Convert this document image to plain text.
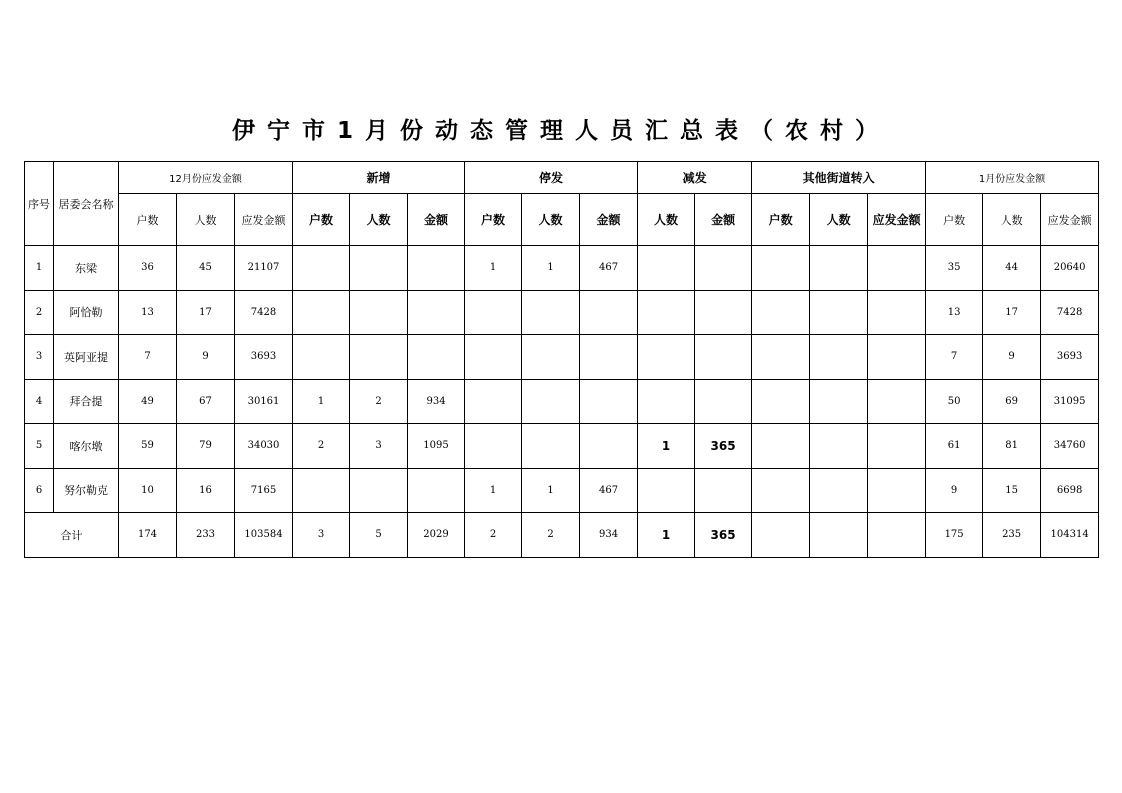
伊宁市1月份动态管理人员汇总表（农村）
序号	居委会名称	12月份应发金额			新增			停发			减发		其他街道转入			1月份应发金额		
		户数	人数	应发金额	户数	人数	金额	户数	人数	金额	人数	金额	户数	人数	应发金额	户数	人数	应发金额
1	东梁	36	45	21107				1	1	467						35	44	20640
2	阿恰勒	13	17	7428												13	17	7428
3	英阿亚提	7	9	3693												7	9	3693
4	拜合提	49	67	30161	1	2	934									50	69	31095
5	喀尔墩	59	79	34030	2	3	1095				1	365				61	81	34760
6	努尔勒克	10	16	7165				1	1	467						9	15	6698
合计		174	233	103584	3	5	2029	2	2	934	1	365				175	235	104314
